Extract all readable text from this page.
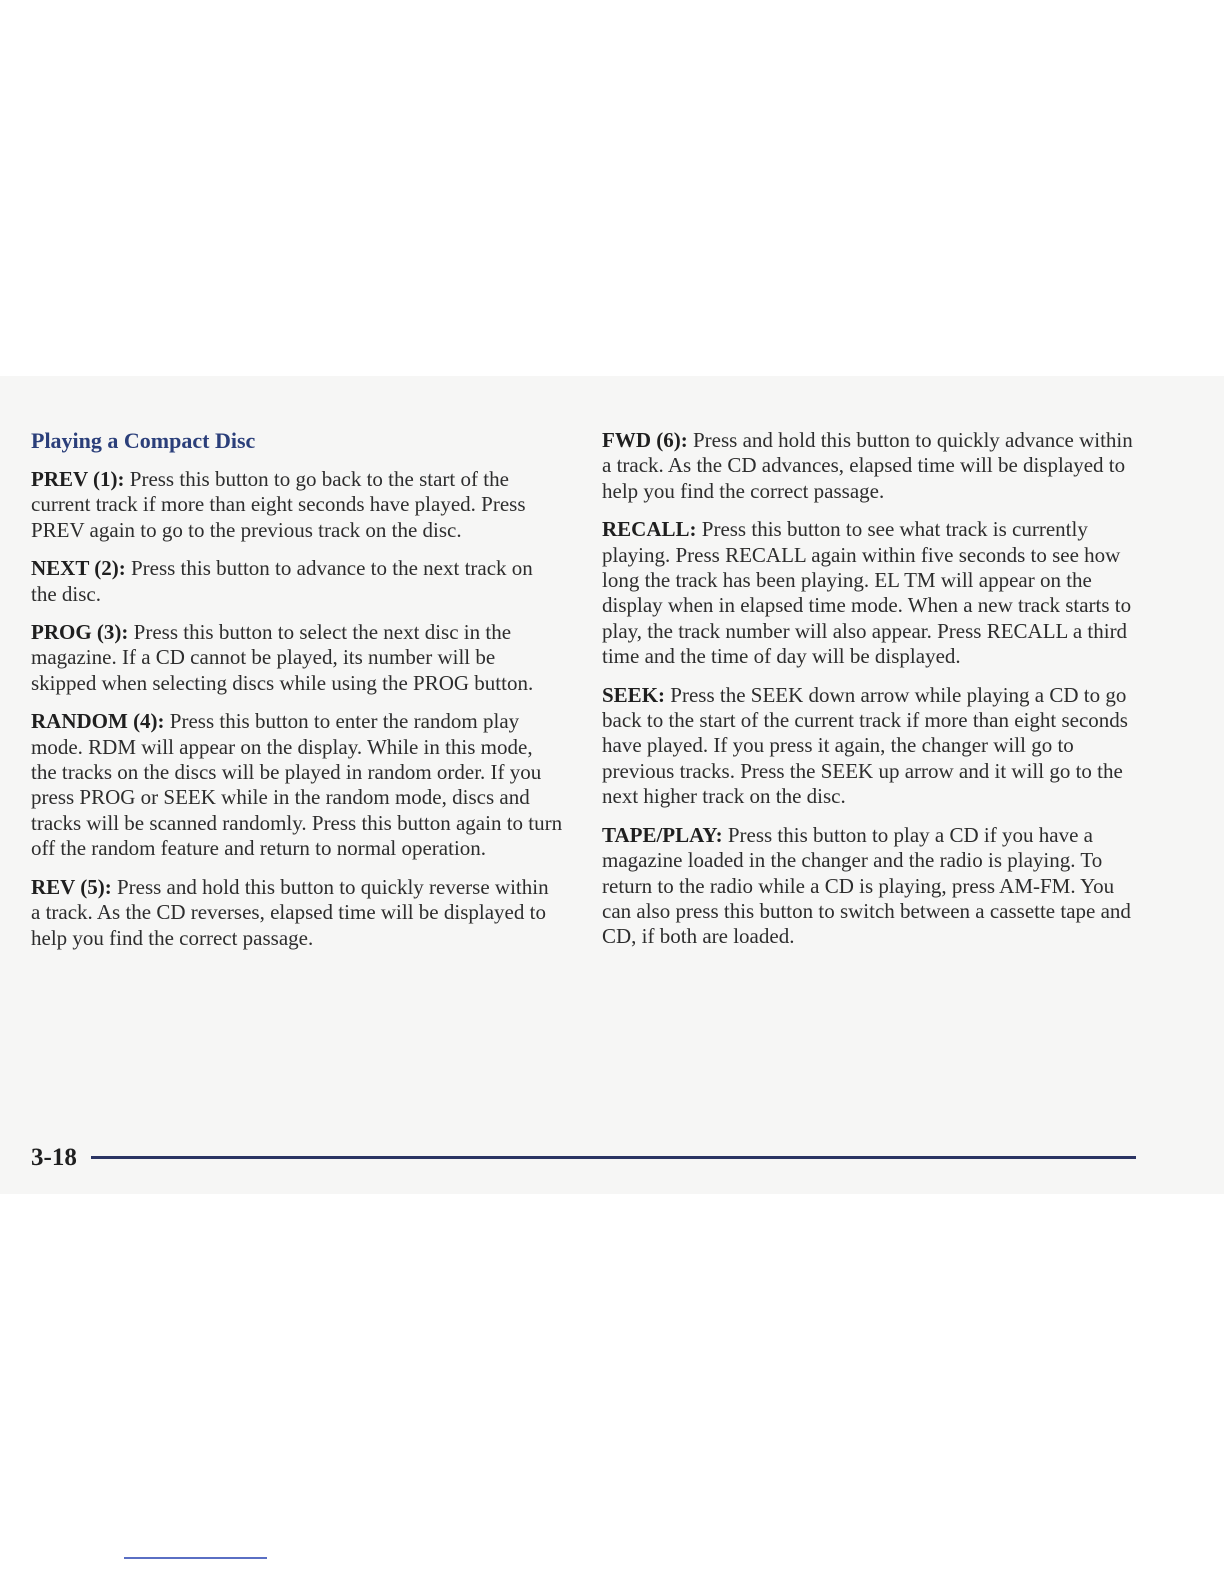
Playing a Compact Disc

PREV (1): Press this button to go back to the start of the current track if more than eight seconds have played. Press PREV again to go to the previous track on the disc.

NEXT (2): Press this button to advance to the next track on the disc.

PROG (3): Press this button to select the next disc in the magazine. If a CD cannot be played, its number will be skipped when selecting discs while using the PROG button.

RANDOM (4): Press this button to enter the random play mode. RDM will appear on the display. While in this mode, the tracks on the discs will be played in random order. If you press PROG or SEEK while in the random mode, discs and tracks will be scanned randomly. Press this button again to turn off the random feature and return to normal operation.

REV (5): Press and hold this button to quickly reverse within a track. As the CD reverses, elapsed time will be displayed to help you find the correct passage.

FWD (6): Press and hold this button to quickly advance within a track. As the CD advances, elapsed time will be displayed to help you find the correct passage.

RECALL: Press this button to see what track is currently playing. Press RECALL again within five seconds to see how long the track has been playing. EL TM will appear on the display when in elapsed time mode. When a new track starts to play, the track number will also appear. Press RECALL a third time and the time of day will be displayed.

SEEK: Press the SEEK down arrow while playing a CD to go back to the start of the current track if more than eight seconds have played. If you press it again, the changer will go to previous tracks. Press the SEEK up arrow and it will go to the next higher track on the disc.

TAPE/PLAY: Press this button to play a CD if you have a magazine loaded in the changer and the radio is playing. To return to the radio while a CD is playing, press AM-FM. You can also press this button to switch between a cassette tape and CD, if both are loaded.

3-18
